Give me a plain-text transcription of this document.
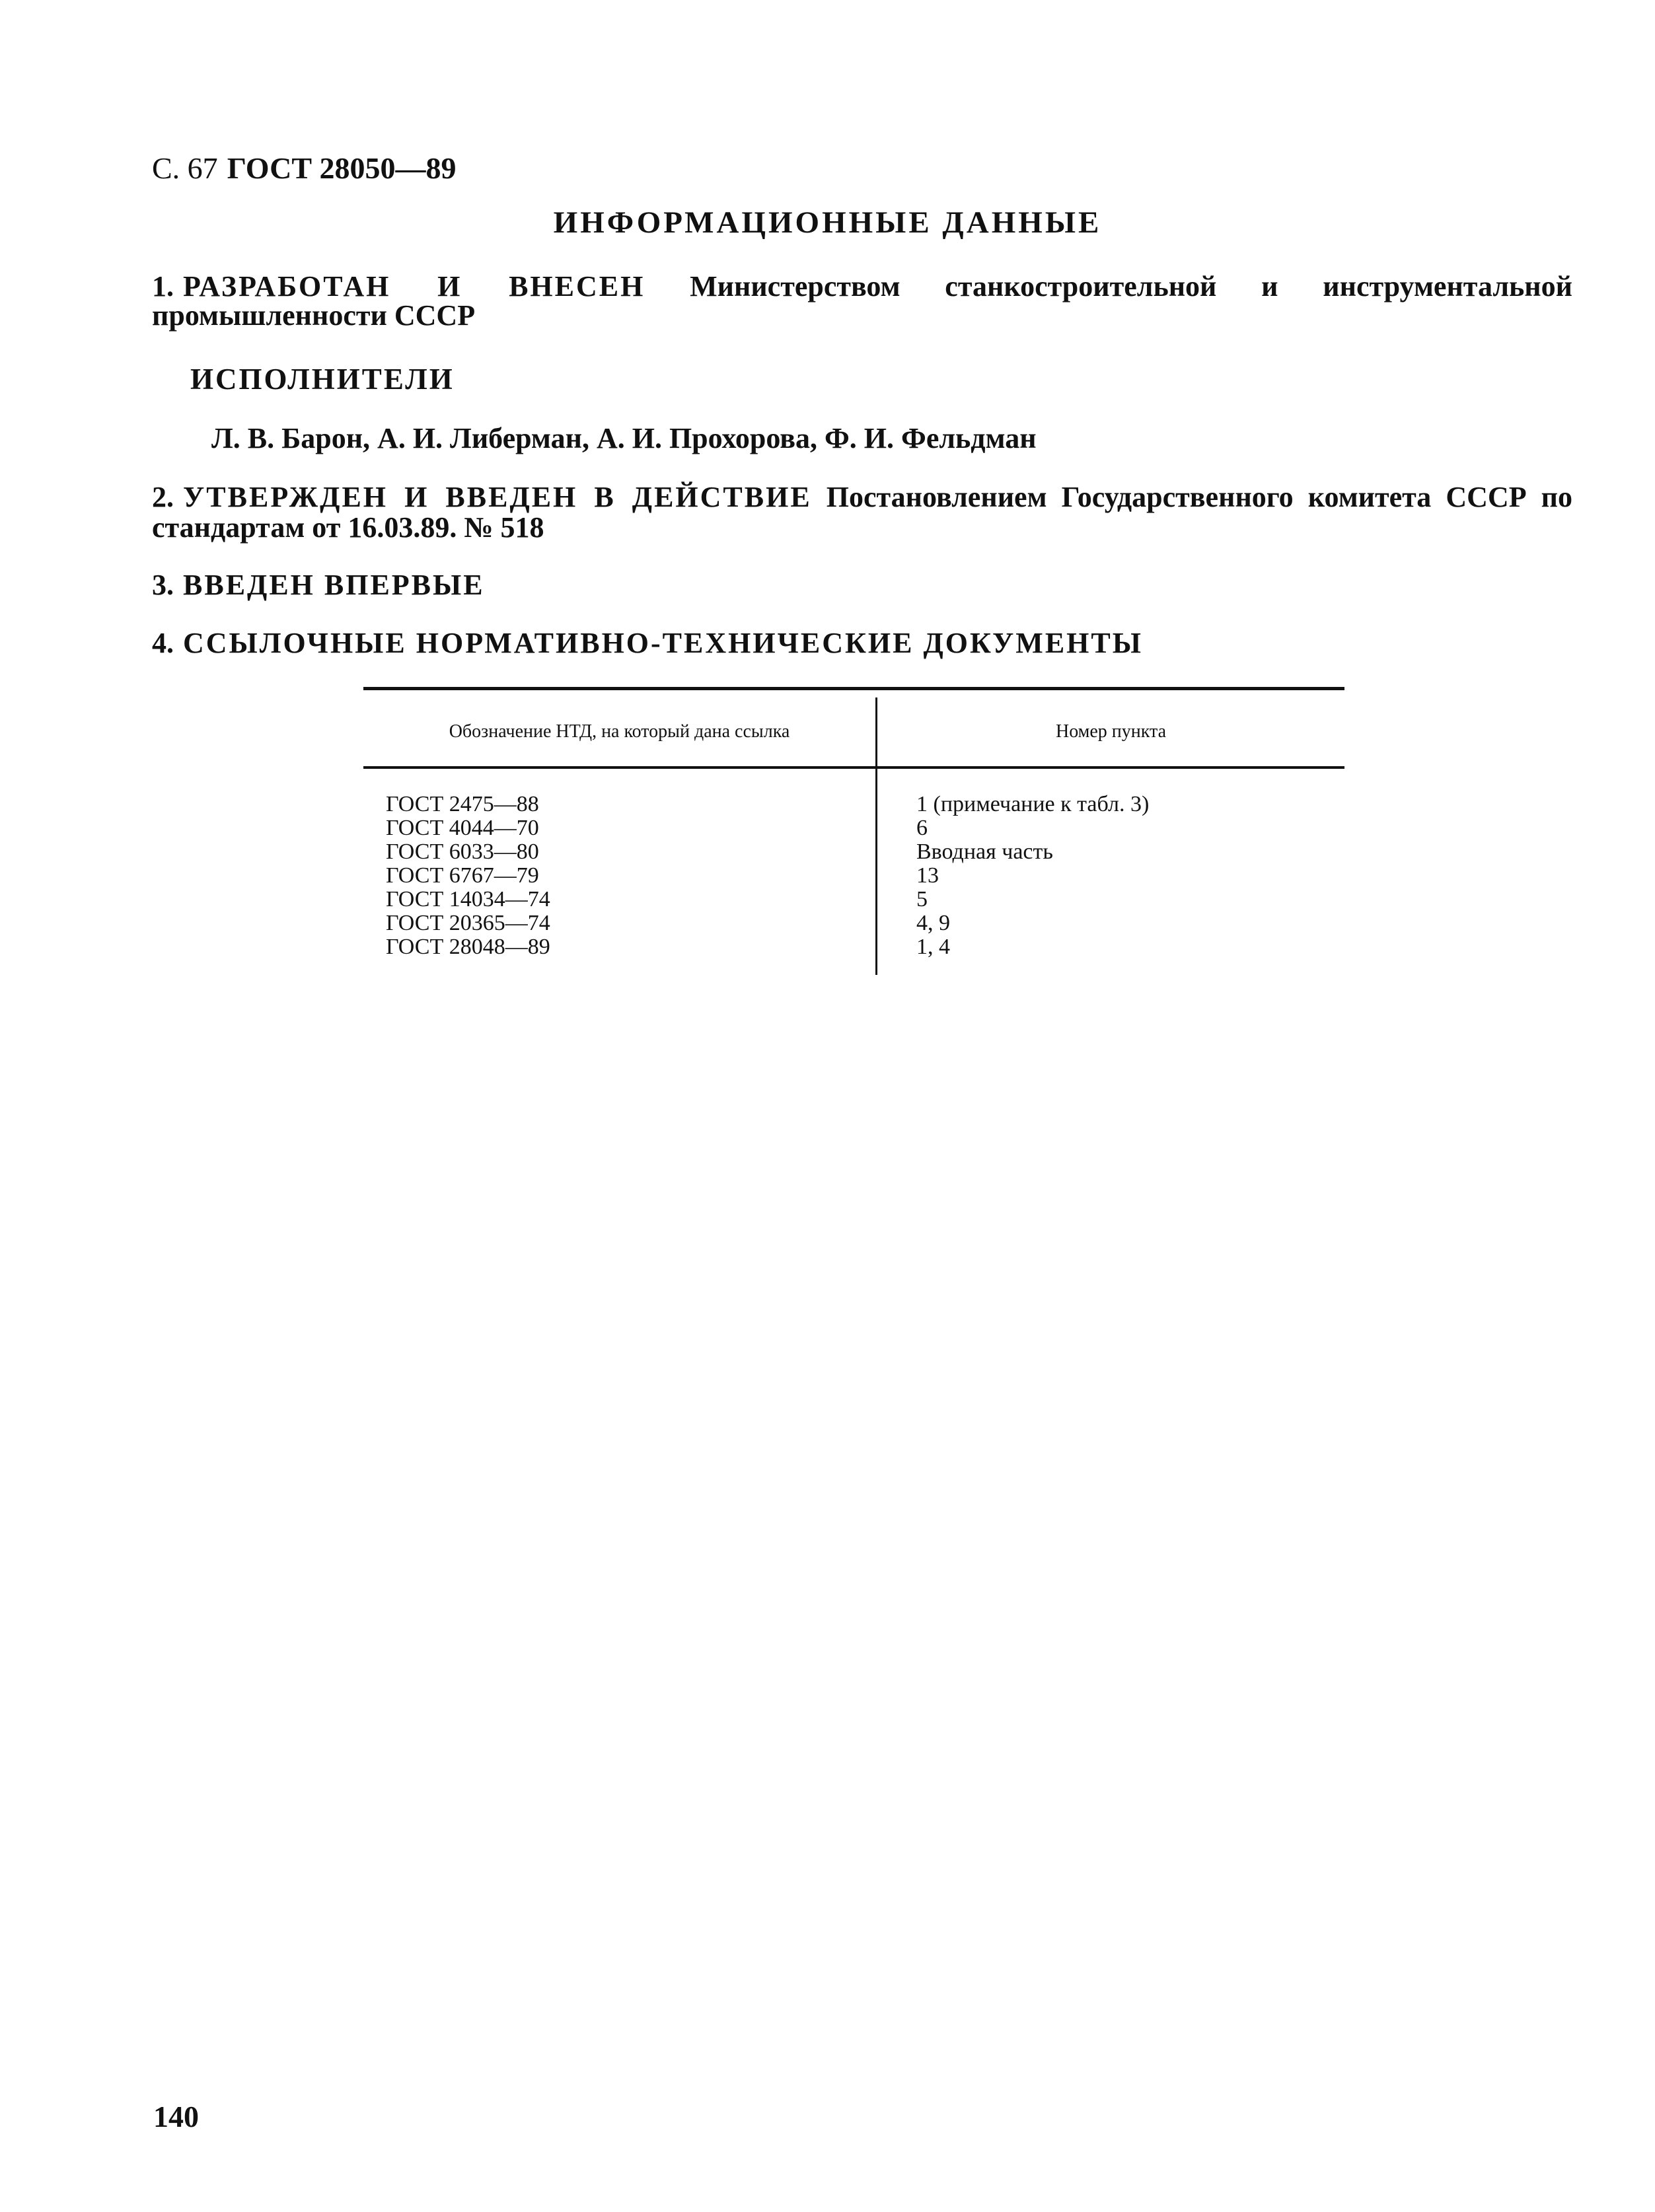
С. 67 ГОСТ 28050—89
ИНФОРМАЦИОННЫЕ ДАННЫЕ
1. РАЗРАБОТАН И ВНЕСЕН Министерством станкостроительной и инструментальной промышленности СССР
ИСПОЛНИТЕЛИ
Л. В. Барон, А. И. Либерман, А. И. Прохорова, Ф. И. Фельдман
2. УТВЕРЖДЕН И ВВЕДЕН В ДЕЙСТВИЕ Постановлением Государственного комитета СССР по стандартам от 16.03.89. № 518
3. ВВЕДЕН ВПЕРВЫЕ
4. ССЫЛОЧНЫЕ НОРМАТИВНО-ТЕХНИЧЕСКИЕ ДОКУМЕНТЫ
Обозначение НТД, на который дана ссылка	Номер пункта
ГОСТ 2475—88
ГОСТ 4044—70
ГОСТ 6033—80
ГОСТ 6767—79
ГОСТ 14034—74
ГОСТ 20365—74
ГОСТ 28048—89
1 (примечание к табл. 3)
6
Вводная часть
13
5
4, 9
1, 4
140
